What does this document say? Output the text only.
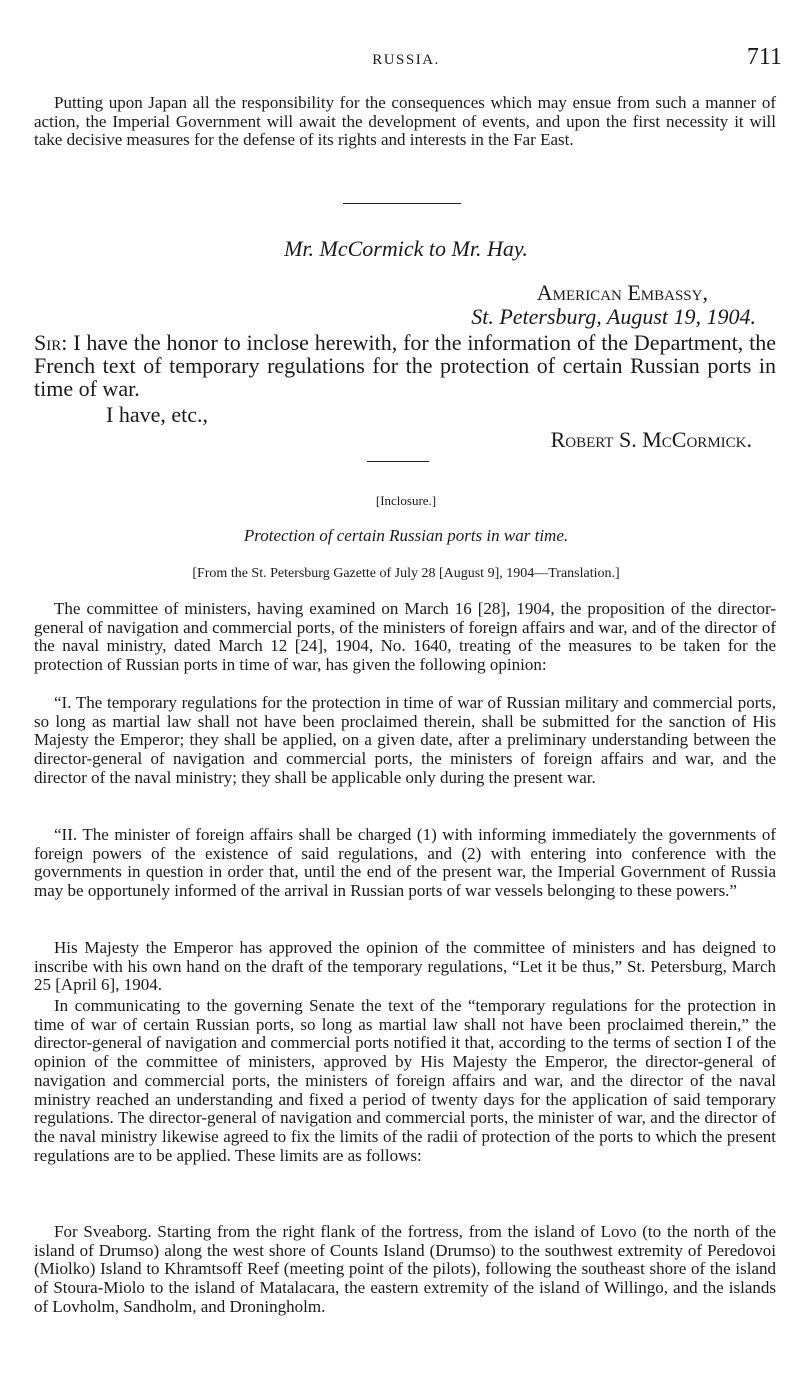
RUSSIA.	711

Putting upon Japan all the responsibility for the consequences which may ensue from such a manner of action, the Imperial Government will await the development of events, and upon the first necessity it will take decisive measures for the defense of its rights and interests in the Far East.

Mr. McCormick to Mr. Hay.
American Embassy,
St. Petersburg, August 19, 1904.

Sir: I have the honor to inclose herewith, for the information of the Department, the French text of temporary regulations for the protection of certain Russian ports in time of war.

I have, etc.,
Robert S. McCormick.
[Inclosure.]
Protection of certain Russian ports in war time.
[From the St. Petersburg Gazette of July 28 [August 9], 1904—Translation.]

The committee of ministers, having examined on March 16 [28], 1904, the proposition of the director-general of navigation and commercial ports, of the ministers of foreign affairs and war, and of the director of the naval ministry, dated March 12 [24], 1904, No. 1640, treating of the measures to be taken for the protection of Russian ports in time of war, has given the following opinion:

“I. The temporary regulations for the protection in time of war of Russian military and commercial ports, so long as martial law shall not have been proclaimed therein, shall be submitted for the sanction of His Majesty the Emperor; they shall be applied, on a given date, after a preliminary understanding between the director-general of navigation and commercial ports, the ministers of foreign affairs and war, and the director of the naval ministry; they shall be applicable only during the present war.

“II. The minister of foreign affairs shall be charged (1) with informing immediately the governments of foreign powers of the existence of said regulations, and (2) with entering into conference with the governments in question in order that, until the end of the present war, the Imperial Government of Russia may be opportunely informed of the arrival in Russian ports of war vessels belonging to these powers.”

His Majesty the Emperor has approved the opinion of the committee of ministers and has deigned to inscribe with his own hand on the draft of the temporary regulations, “Let it be thus,” St. Petersburg, March 25 [April 6], 1904.

In communicating to the governing Senate the text of the “temporary regulations for the protection in time of war of certain Russian ports, so long as martial law shall not have been proclaimed therein,” the director-general of navigation and commercial ports notified it that, according to the terms of section I of the opinion of the committee of ministers, approved by His Majesty the Emperor, the director-general of navigation and commercial ports, the ministers of foreign affairs and war, and the director of the naval ministry reached an understanding and fixed a period of twenty days for the application of said temporary regulations. The director-general of navigation and commercial ports, the minister of war, and the director of the naval ministry likewise agreed to fix the limits of the radii of protection of the ports to which the present regulations are to be applied. These limits are as follows:

For Sveaborg. Starting from the right flank of the fortress, from the island of Lovo (to the north of the island of Drumso) along the west shore of Counts Island (Drumso) to the southwest extremity of Peredovoi (Miolko) Island to Khramtsoff Reef (meeting point of the pilots), following the southeast shore of the island of Stoura-Miolo to the island of Matalacara, the eastern extremity of the island of Willingo, and the islands of Lovholm, Sandholm, and Droningholm.
